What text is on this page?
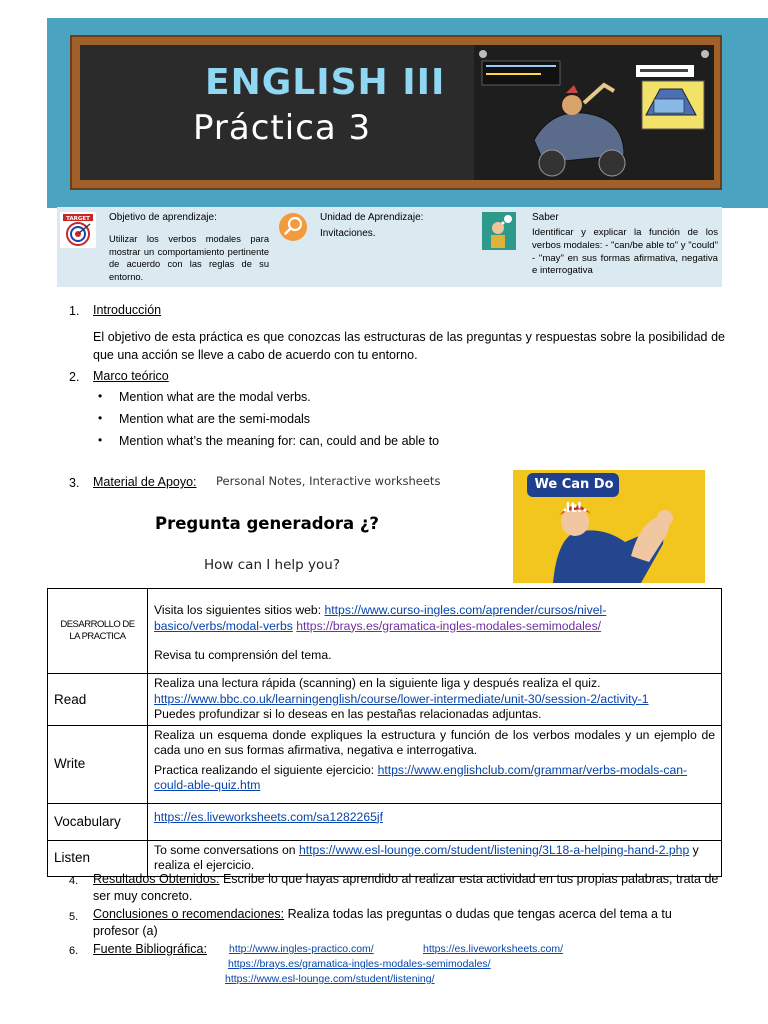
ENGLISH III
Práctica 3
TARGET Objetivo de aprendizaje:
Utilizar los verbos modales para mostrar un comportamiento pertinente de acuerdo con las reglas de su entorno.
Unidad de Aprendizaje:
Invitaciones.
Saber
Identificar y explicar la función de los verbos modales: - "can/be able to" y "could" - "may" en sus formas afirmativa, negativa e interrogativa
1. Introducción
El objetivo de esta práctica es que conozcas las estructuras de las preguntas y respuestas sobre la posibilidad de que una acción se lleve a cabo de acuerdo con tu entorno.
2. Marco teórico
• Mention what are the modal verbs.
• Mention what are the semi-modals
• Mention what’s the meaning for: can, could and be able to
3. Material de Apoyo: Personal Notes, Interactive worksheets
Pregunta generadora ¿?
How can I help you?
We Can Do It!
DESARROLLO DE LA PRACTICA	Visita los siguientes sitios web: https://www.curso-ingles.com/aprender/cursos/nivel-basico/verbs/modal-verbs https://brays.es/gramatica-ingles-modales-semimodales/
Revisa tu comprensión del tema.

Read	Realiza una lectura rápida (scanning) en la siguiente liga y después realiza el quiz.
https://www.bbc.co.uk/learningenglish/course/lower-intermediate/unit-30/session-2/activity-1
Puedes profundizar si lo deseas en las pestañas relacionadas adjuntas.

Write	Realiza un esquema donde expliques la estructura y función de los verbos modales y un ejemplo de cada uno en sus formas afirmativa, negativa e interrogativa.
Practica realizando el siguiente ejercicio: https://www.englishclub.com/grammar/verbs-modals-can-could-able-quiz.htm

Vocabulary	https://es.liveworksheets.com/sa1282265jf
Listen	To some conversations on https://www.esl-lounge.com/student/listening/3L18-a-helping-hand-2.php y realiza el ejercicio.
4. Resultados Obtenidos: Escribe lo que hayas aprendido al realizar esta actividad en tus propias palabras, trata de ser muy concreto.
5. Conclusiones o recomendaciones: Realiza todas las preguntas o dudas que tengas acerca del tema a tu profesor (a)
6. Fuente Bibliográfica: http://www.ingles-practico.com/	https://es.liveworksheets.com/
https://brays.es/gramatica-ingles-modales-semimodales/
https://www.esl-lounge.com/student/listening/
